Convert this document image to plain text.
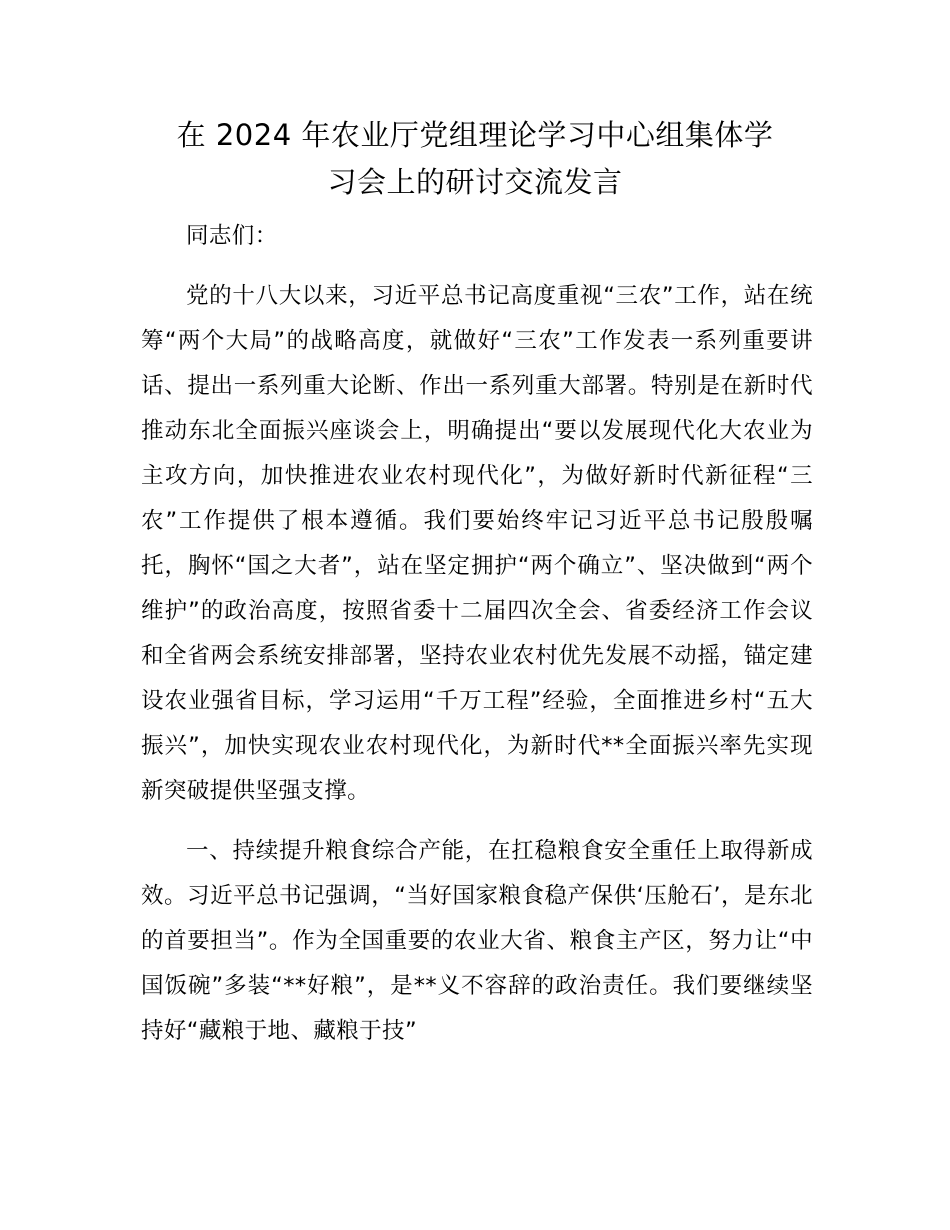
在 2024 年农业厅党组理论学习中心组集体学
习会上的研讨交流发言

同志们：

党的十八大以来，习近平总书记高度重视“三农”工作，站在统筹“两个大局”的战略高度，就做好“三农”工作发表一系列重要讲话、提出一系列重大论断、作出一系列重大部署。特别是在新时代推动东北全面振兴座谈会上，明确提出“要以发展现代化大农业为主攻方向，加快推进农业农村现代化”，为做好新时代新征程“三农”工作提供了根本遵循。我们要始终牢记习近平总书记殷殷嘱托，胸怀“国之大者”，站在坚定拥护“两个确立”、坚决做到“两个维护”的政治高度，按照省委十二届四次全会、省委经济工作会议和全省两会系统安排部署，坚持农业农村优先发展不动摇，锚定建设农业强省目标，学习运用“千万工程”经验，全面推进乡村“五大振兴”，加快实现农业农村现代化，为新时代**全面振兴率先实现新突破提供坚强支撑。

一、持续提升粮食综合产能，在扛稳粮食安全重任上取得新成效。习近平总书记强调，“当好国家粮食稳产保供‘压舱石’，是东北的首要担当”。作为全国重要的农业大省、粮食主产区，努力让“中国饭碗”多装“**好粮”，是**义不容辞的政治责任。我们要继续坚持好“藏粮于地、藏粮于技”
